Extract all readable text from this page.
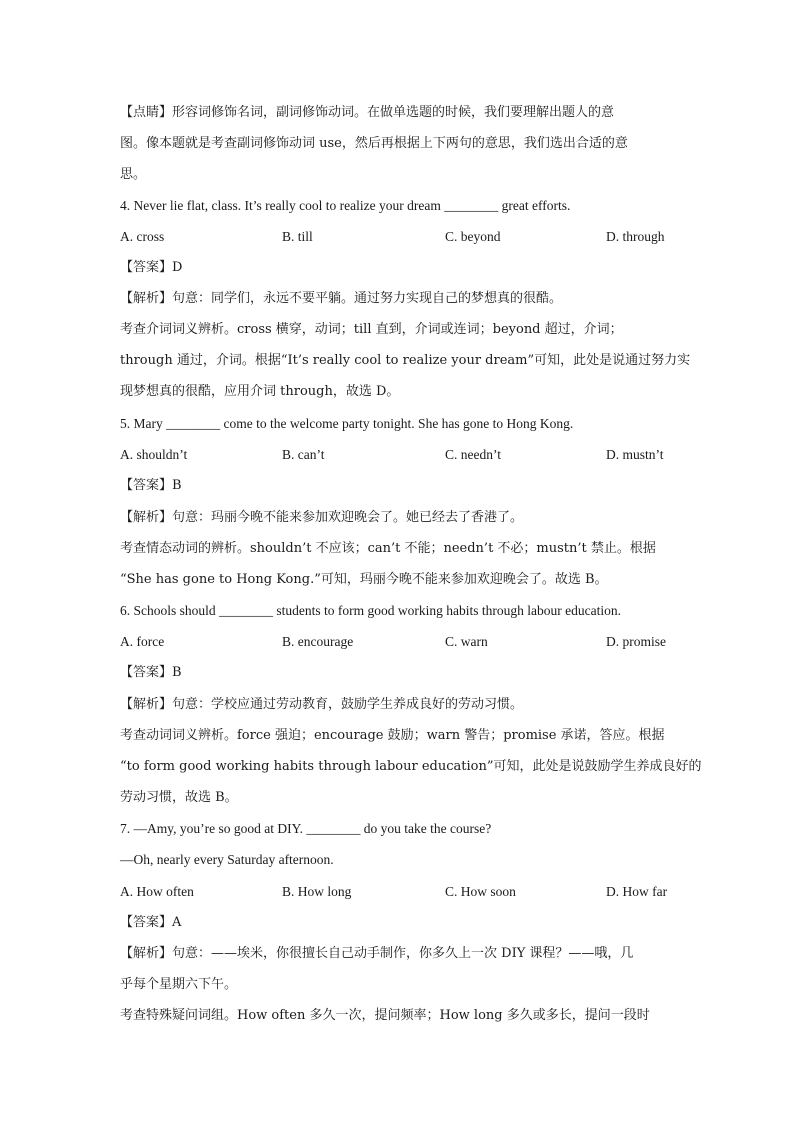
【点睛】形容词修饰名词，副词修饰动词。在做单选题的时候，我们要理解出题人的意
图。像本题就是考查副词修饰动词 use，然后再根据上下两句的意思，我们选出合适的意
思。
4. Never lie flat, class. It’s really cool to realize your dream ________ great efforts.
A. cross	B. till	C. beyond	D. through
【答案】D
【解析】句意：同学们，永远不要平躺。通过努力实现自己的梦想真的很酷。
考查介词词义辨析。cross 横穿，动词；till 直到，介词或连词；beyond 超过，介词；
through 通过，介词。根据“It’s really cool to realize your dream”可知，此处是说通过努力实
现梦想真的很酷，应用介词 through，故选 D。
5. Mary ________ come to the welcome party tonight. She has gone to Hong Kong.
A. shouldn’t	B. can’t	C. needn’t	D. mustn’t
【答案】B
【解析】句意：玛丽今晚不能来参加欢迎晚会了。她已经去了香港了。
考查情态动词的辨析。shouldn’t 不应该；can’t 不能；needn’t 不必；mustn’t 禁止。根据
“She has gone to Hong Kong.”可知，玛丽今晚不能来参加欢迎晚会了。故选 B。
6. Schools should ________ students to form good working habits through labour education.
A. force	B. encourage	C. warn	D. promise
【答案】B
【解析】句意：学校应通过劳动教育，鼓励学生养成良好的劳动习惯。
考查动词词义辨析。force 强迫；encourage 鼓励；warn 警告；promise 承诺，答应。根据
“to form good working habits through labour education”可知，此处是说鼓励学生养成良好的
劳动习惯，故选 B。
7. —Amy, you’re so good at DIY. ________ do you take the course?
—Oh, nearly every Saturday afternoon.
A. How often	B. How long	C. How soon	D. How far
【答案】A
【解析】句意：——埃米，你很擅长自己动手制作，你多久上一次 DIY 课程？——哦，几
乎每个星期六下午。
考查特殊疑问词组。How often 多久一次，提问频率；How long 多久或多长，提问一段时
